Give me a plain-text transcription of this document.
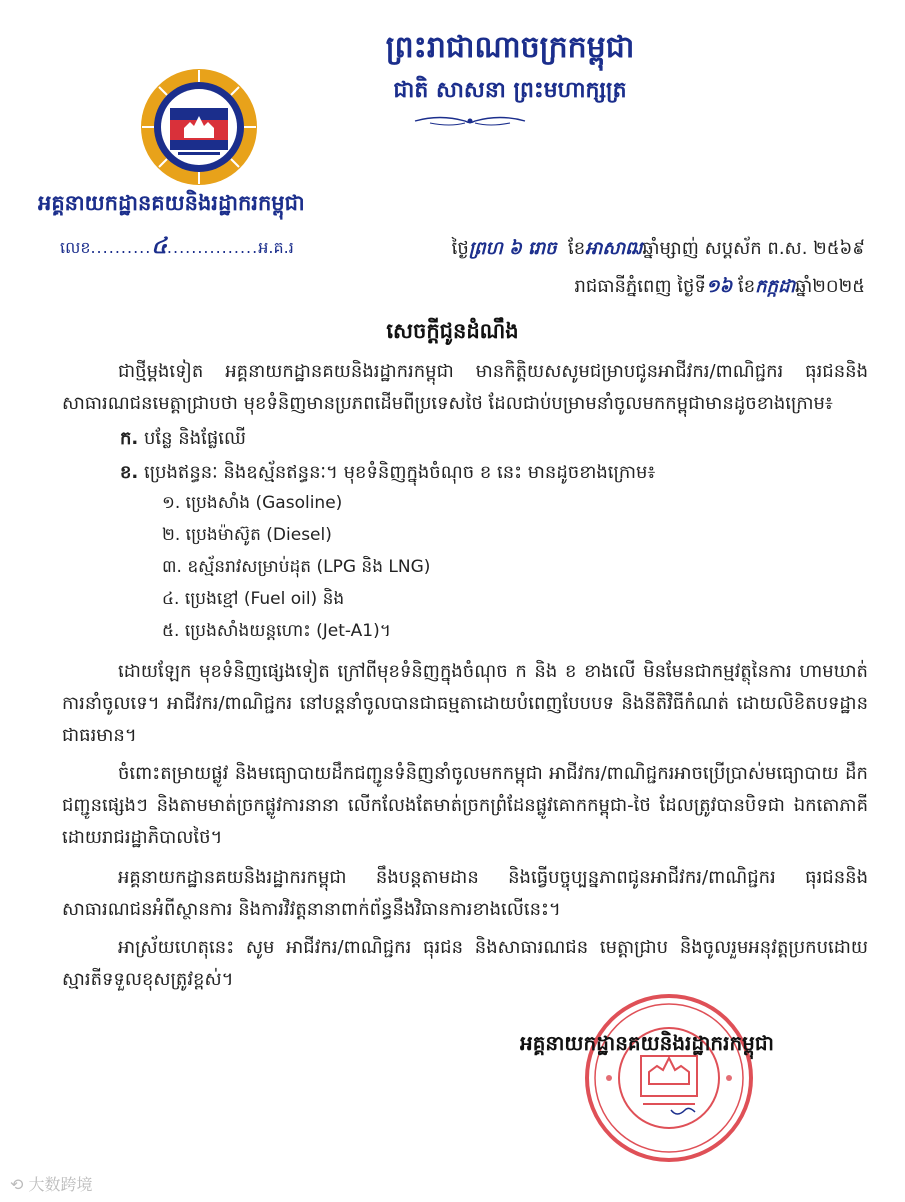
ព្រះរាជាណាចក្រកម្ពុជា
ជាតិ សាសនា ព្រះមហាក្សត្រ
អគ្គនាយកដ្ឋានគយនិងរដ្ឋាករកម្ពុជា
លេខ..........៤...............អ.គ.រ	ថ្ងៃព្រហ ៦ រោច ខែអាសាឍឆ្នាំម្សាញ់ សប្តស័ក ព.ស. ២៥៦៩
រាជធានីភ្នំពេញ ថ្ងៃទី១៦ ខែកក្កដាឆ្នាំ២០២៥
សេចក្តីជូនដំណឹង
ជាថ្មីម្តងទៀត អគ្គនាយកដ្ឋានគយនិងរដ្ឋាករកម្ពុជា មានកិត្តិយសសូមជម្រាបជូនអាជីវករ/ពាណិជ្ជករ ធុរជននិង សាធារណជនមេត្តាជ្រាបថា មុខទំនិញមានប្រភពដើមពីប្រទេសថៃ ដែលជាប់បម្រាមនាំចូលមកកម្ពុជាមានដូចខាងក្រោម៖
ក. បន្លែ និងផ្លែឈើ
ខ. ប្រេងឥន្ធនៈ និងឧស្ម័នឥន្ធនៈ។ មុខទំនិញក្នុងចំណុច ខ នេះ មានដូចខាងក្រោម៖
១. ប្រេងសាំង (Gasoline)
២. ប្រេងម៉ាស៊ូត (Diesel)
៣. ឧស្ម័នរាវសម្រាប់ដុត (LPG និង LNG)
៤. ប្រេងខ្មៅ (Fuel oil) និង
៥. ប្រេងសាំងយន្តហោះ (Jet-A1)។
ដោយឡែក មុខទំនិញផ្សេងទៀត ក្រៅពីមុខទំនិញក្នុងចំណុច ក និង ខ ខាងលើ មិនមែនជាកម្មវត្ថុនៃការ ហាមឃាត់ការនាំចូលទេ។ អាជីវករ/ពាណិជ្ជករ នៅបន្តនាំចូលបានជាធម្មតាដោយបំពេញបែបបទ និងនីតិវិធីកំណត់ ដោយលិខិតបទដ្ឋានជាធរមាន។
ចំពោះតម្រាយផ្លូវ និងមធ្យោបាយដឹកជញ្ជូនទំនិញនាំចូលមកកម្ពុជា អាជីវករ/ពាណិជ្ជករអាចប្រើប្រាស់មធ្យោបាយ ដឹកជញ្ជូនផ្សេងៗ និងតាមមាត់ច្រកផ្លូវការនានា លើកលែងតែមាត់ច្រកព្រំដែនផ្លូវគោកកម្ពុជា-ថៃ ដែលត្រូវបានបិទជា ឯកតោភាគីដោយរាជរដ្ឋាភិបាលថៃ។
អគ្គនាយកដ្ឋានគយនិងរដ្ឋាករកម្ពុជា នឹងបន្តតាមដាន និងធ្វើបច្ចុប្បន្នភាពជូនអាជីវករ/ពាណិជ្ជករ ធុរជននិង សាធារណជនអំពីស្ថានការ និងការវិវត្តនានាពាក់ព័ន្ធនឹងវិធានការខាងលើនេះ។
អាស្រ័យហេតុនេះ សូម អាជីវករ/ពាណិជ្ជករ ធុរជន និងសាធារណជន មេត្តាជ្រាប និងចូលរួមអនុវត្តប្រកបដោយ ស្មារតីទទួលខុសត្រូវខ្ពស់។
អគ្គនាយកដ្ឋានគយនិងរដ្ឋាករកម្ពុជា
⟲ 大数跨境
